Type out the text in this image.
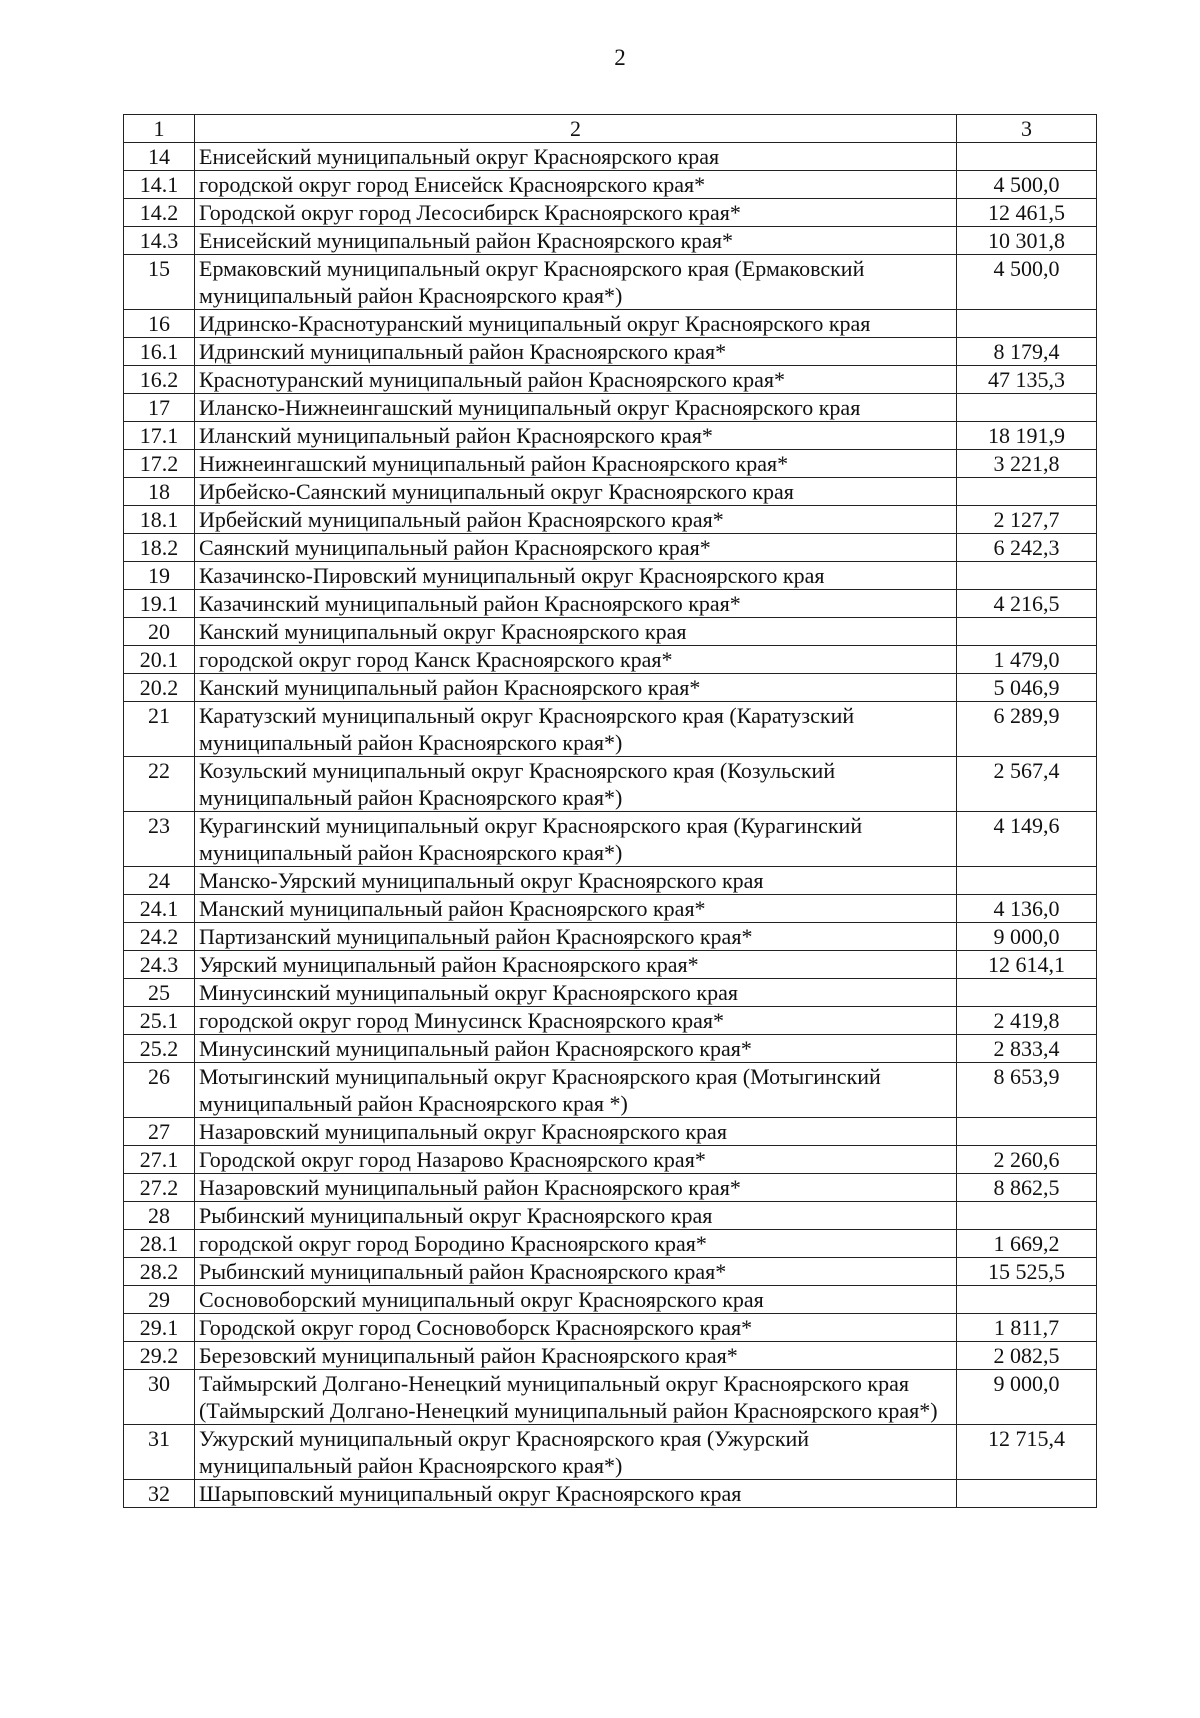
2
1	2	3
14	Енисейский муниципальный округ Красноярского края	
14.1	городской округ город Енисейск Красноярского края*	4 500,0
14.2	Городской округ город Лесосибирск Красноярского края*	12 461,5
14.3	Енисейский муниципальный район Красноярского края*	10 301,8
15	Ермаковский муниципальный округ Красноярского края (Ермаковский муниципальный район Красноярского края*)	4 500,0
16	Идринско-Краснотуранский муниципальный округ Красноярского края	
16.1	Идринский муниципальный район Красноярского края*	8 179,4
16.2	Краснотуранский муниципальный район Красноярского края*	47 135,3
17	Иланско-Нижнеингашский муниципальный округ Красноярского края	
17.1	Иланский муниципальный район Красноярского края*	18 191,9
17.2	Нижнеингашский муниципальный район Красноярского края*	3 221,8
18	Ирбейско-Саянский муниципальный округ Красноярского края	
18.1	Ирбейский муниципальный район Красноярского края*	2 127,7
18.2	Саянский муниципальный район Красноярского края*	6 242,3
19	Казачинско-Пировский муниципальный округ Красноярского края	
19.1	Казачинский муниципальный район Красноярского края*	4 216,5
20	Канский муниципальный округ Красноярского края	
20.1	городской округ город Канск Красноярского края*	1 479,0
20.2	Канский муниципальный район Красноярского края*	5 046,9
21	Каратузский муниципальный округ Красноярского края (Каратузский муниципальный район Красноярского края*)	6 289,9
22	Козульский муниципальный округ Красноярского края (Козульский муниципальный район Красноярского края*)	2 567,4
23	Курагинский муниципальный округ Красноярского края (Курагинский муниципальный район Красноярского края*)	4 149,6
24	Манско-Уярский муниципальный округ Красноярского края	
24.1	Манский муниципальный район Красноярского края*	4 136,0
24.2	Партизанский муниципальный район Красноярского края*	9 000,0
24.3	Уярский муниципальный район Красноярского края*	12 614,1
25	Минусинский муниципальный округ Красноярского края	
25.1	городской округ город Минусинск Красноярского края*	2 419,8
25.2	Минусинский муниципальный район Красноярского края*	2 833,4
26	Мотыгинский муниципальный округ Красноярского края (Мотыгинский муниципальный район Красноярского края *)	8 653,9
27	Назаровский муниципальный округ Красноярского края	
27.1	Городской округ город Назарово Красноярского края*	2 260,6
27.2	Назаровский муниципальный район Красноярского края*	8 862,5
28	Рыбинский муниципальный округ Красноярского края	
28.1	городской округ город Бородино Красноярского края*	1 669,2
28.2	Рыбинский муниципальный район Красноярского края*	15 525,5
29	Сосновоборский муниципальный округ Красноярского края	
29.1	Городской округ город Сосновоборск Красноярского края*	1 811,7
29.2	Березовский муниципальный район Красноярского края*	2 082,5
30	Таймырский Долгано-Ненецкий муниципальный округ Красноярского края (Таймырский Долгано-Ненецкий муниципальный район Красноярского края*)	9 000,0
31	Ужурский муниципальный округ Красноярского края (Ужурский муниципальный район Красноярского края*)	12 715,4
32	Шарыповский муниципальный округ Красноярского края	
